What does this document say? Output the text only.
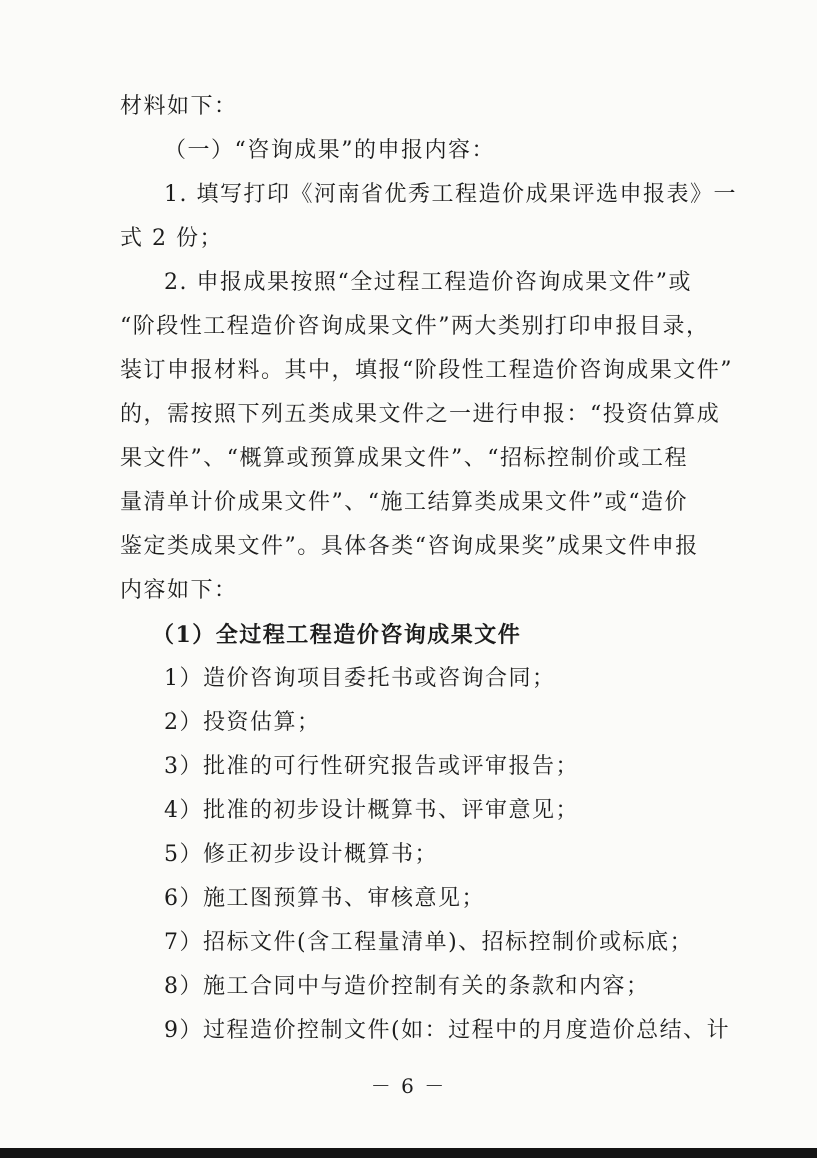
材料如下：
（一）“咨询成果”的申报内容：
1. 填写打印《河南省优秀工程造价成果评选申报表》一
式 2 份；
2. 申报成果按照“全过程工程造价咨询成果文件”或
“阶段性工程造价咨询成果文件”两大类别打印申报目录，
装订申报材料。其中，填报“阶段性工程造价咨询成果文件”
的，需按照下列五类成果文件之一进行申报：“投资估算成
果文件”、“概算或预算成果文件”、“招标控制价或工程
量清单计价成果文件”、“施工结算类成果文件”或“造价
鉴定类成果文件”。具体各类“咨询成果奖”成果文件申报
内容如下：
（1）全过程工程造价咨询成果文件
1）造价咨询项目委托书或咨询合同；
2）投资估算；
3）批准的可行性研究报告或评审报告；
4）批准的初步设计概算书、评审意见；
5）修正初步设计概算书；
6）施工图预算书、审核意见；
7）招标文件(含工程量清单)、招标控制价或标底；
8）施工合同中与造价控制有关的条款和内容；
9）过程造价控制文件(如：过程中的月度造价总结、计
－ 6 －
